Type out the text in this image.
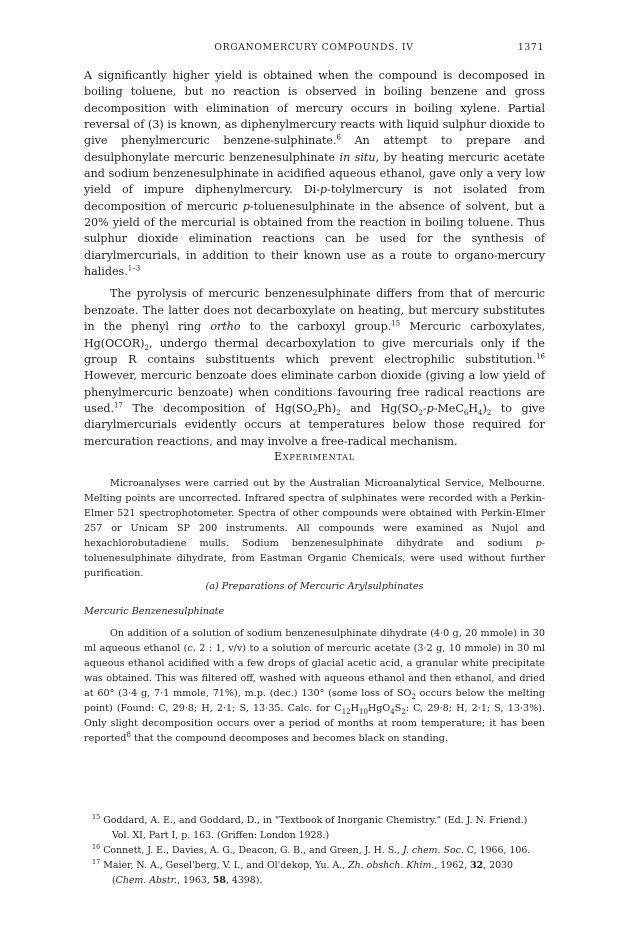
ORGANOMERCURY COMPOUNDS. IV	1371

A significantly higher yield is obtained when the compound is decomposed in boiling toluene, but no reaction is observed in boiling benzene and gross decomposition with elimination of mercury occurs in boiling xylene. Partial reversal of (3) is known, as diphenylmercury reacts with liquid sulphur dioxide to give phenylmercuric benzene-sulphinate.$^6$ An attempt to prepare and desulphonylate mercuric benzenesulphinate in situ, by heating mercuric acetate and sodium benzenesulphinate in acidified aqueous ethanol, gave only a very low yield of impure diphenylmercury. Di-p-tolylmercury is not isolated from decomposition of mercuric p-toluenesulphinate in the absence of solvent, but a 20% yield of the mercurial is obtained from the reaction in boiling toluene. Thus sulphur dioxide elimination reactions can be used for the synthesis of diarylmercurials, in addition to their known use as a route to organo-mercury halides.$^{1-3}$

The pyrolysis of mercuric benzenesulphinate differs from that of mercuric benzoate. The latter does not decarboxylate on heating, but mercury substitutes in the phenyl ring ortho to the carboxyl group.$^{15}$ Mercuric carboxylates, $Hg(OCOR)_2$, undergo thermal decarboxylation to give mercurials only if the group R contains substituents which prevent electrophilic substitution.$^{16}$ However, mercuric benzoate does eliminate carbon dioxide (giving a low yield of phenylmercuric benzoate) when conditions favouring free radical reactions are used.$^{17}$ The decomposition of $Hg(SO_2Ph)_2$ and $Hg(SO_2-p-MeC_6H_4)_2$ to give diarylmercurials evidently occurs at temperatures below those required for mercuration reactions, and may involve a free-radical mechanism.

Experimental

Microanalyses were carried out by the Australian Microanalytical Service, Melbourne. Melting points are uncorrected. Infrared spectra of sulphinates were recorded with a Perkin-Elmer 521 spectrophotometer. Spectra of other compounds were obtained with Perkin-Elmer 257 or Unicam SP 200 instruments. All compounds were examined as Nujol and hexachlorobutadiene mulls. Sodium benzenesulphinate dihydrate and sodium p-toluenesulphinate dihydrate, from Eastman Organic Chemicals, were used without further purification.

(a) Preparations of Mercuric Arylsulphinates
Mercuric Benzenesulphinate

On addition of a solution of sodium benzenesulphinate dihydrate (4·0 g, 20 mmole) in 30 ml aqueous ethanol (c. 2 : 1, v/v) to a solution of mercuric acetate (3·2 g, 10 mmole) in 30 ml aqueous ethanol acidified with a few drops of glacial acetic acid, a granular white precipitate was obtained. This was filtered off, washed with aqueous ethanol and then ethanol, and dried at 60° (3·4 g, 7·1 mmole, 71%), m.p. (dec.) 130° (some loss of $SO_2$ occurs below the melting point) (Found: C, 29·8; H, 2·1; S, 13·35. Calc. for $C_{12}H_{10}HgO_4S_2$: C, 29·8; H, 2·1; S, 13·3%). Only slight decomposition occurs over a period of months at room temperature; it has been reported$^8$ that the compound decomposes and becomes black on standing.

$^{15}$ Goddard, A. E., and Goddard, D., in "Textbook of Inorganic Chemistry." (Ed. J. N. Friend.) Vol. XI, Part I, p. 163. (Griffen: London 1928.)

$^{16}$ Connett, J. E., Davies, A. G., Deacon, G. B., and Green, J. H. S., J. chem. Soc. C, 1966, 106.

$^{17}$ Maier, N. A., Gesel'berg, V. I., and Ol'dekop, Yu. A., Zh. obshch. Khim., 1962, 32, 2030 (Chem. Abstr., 1963, 58, 4398).
